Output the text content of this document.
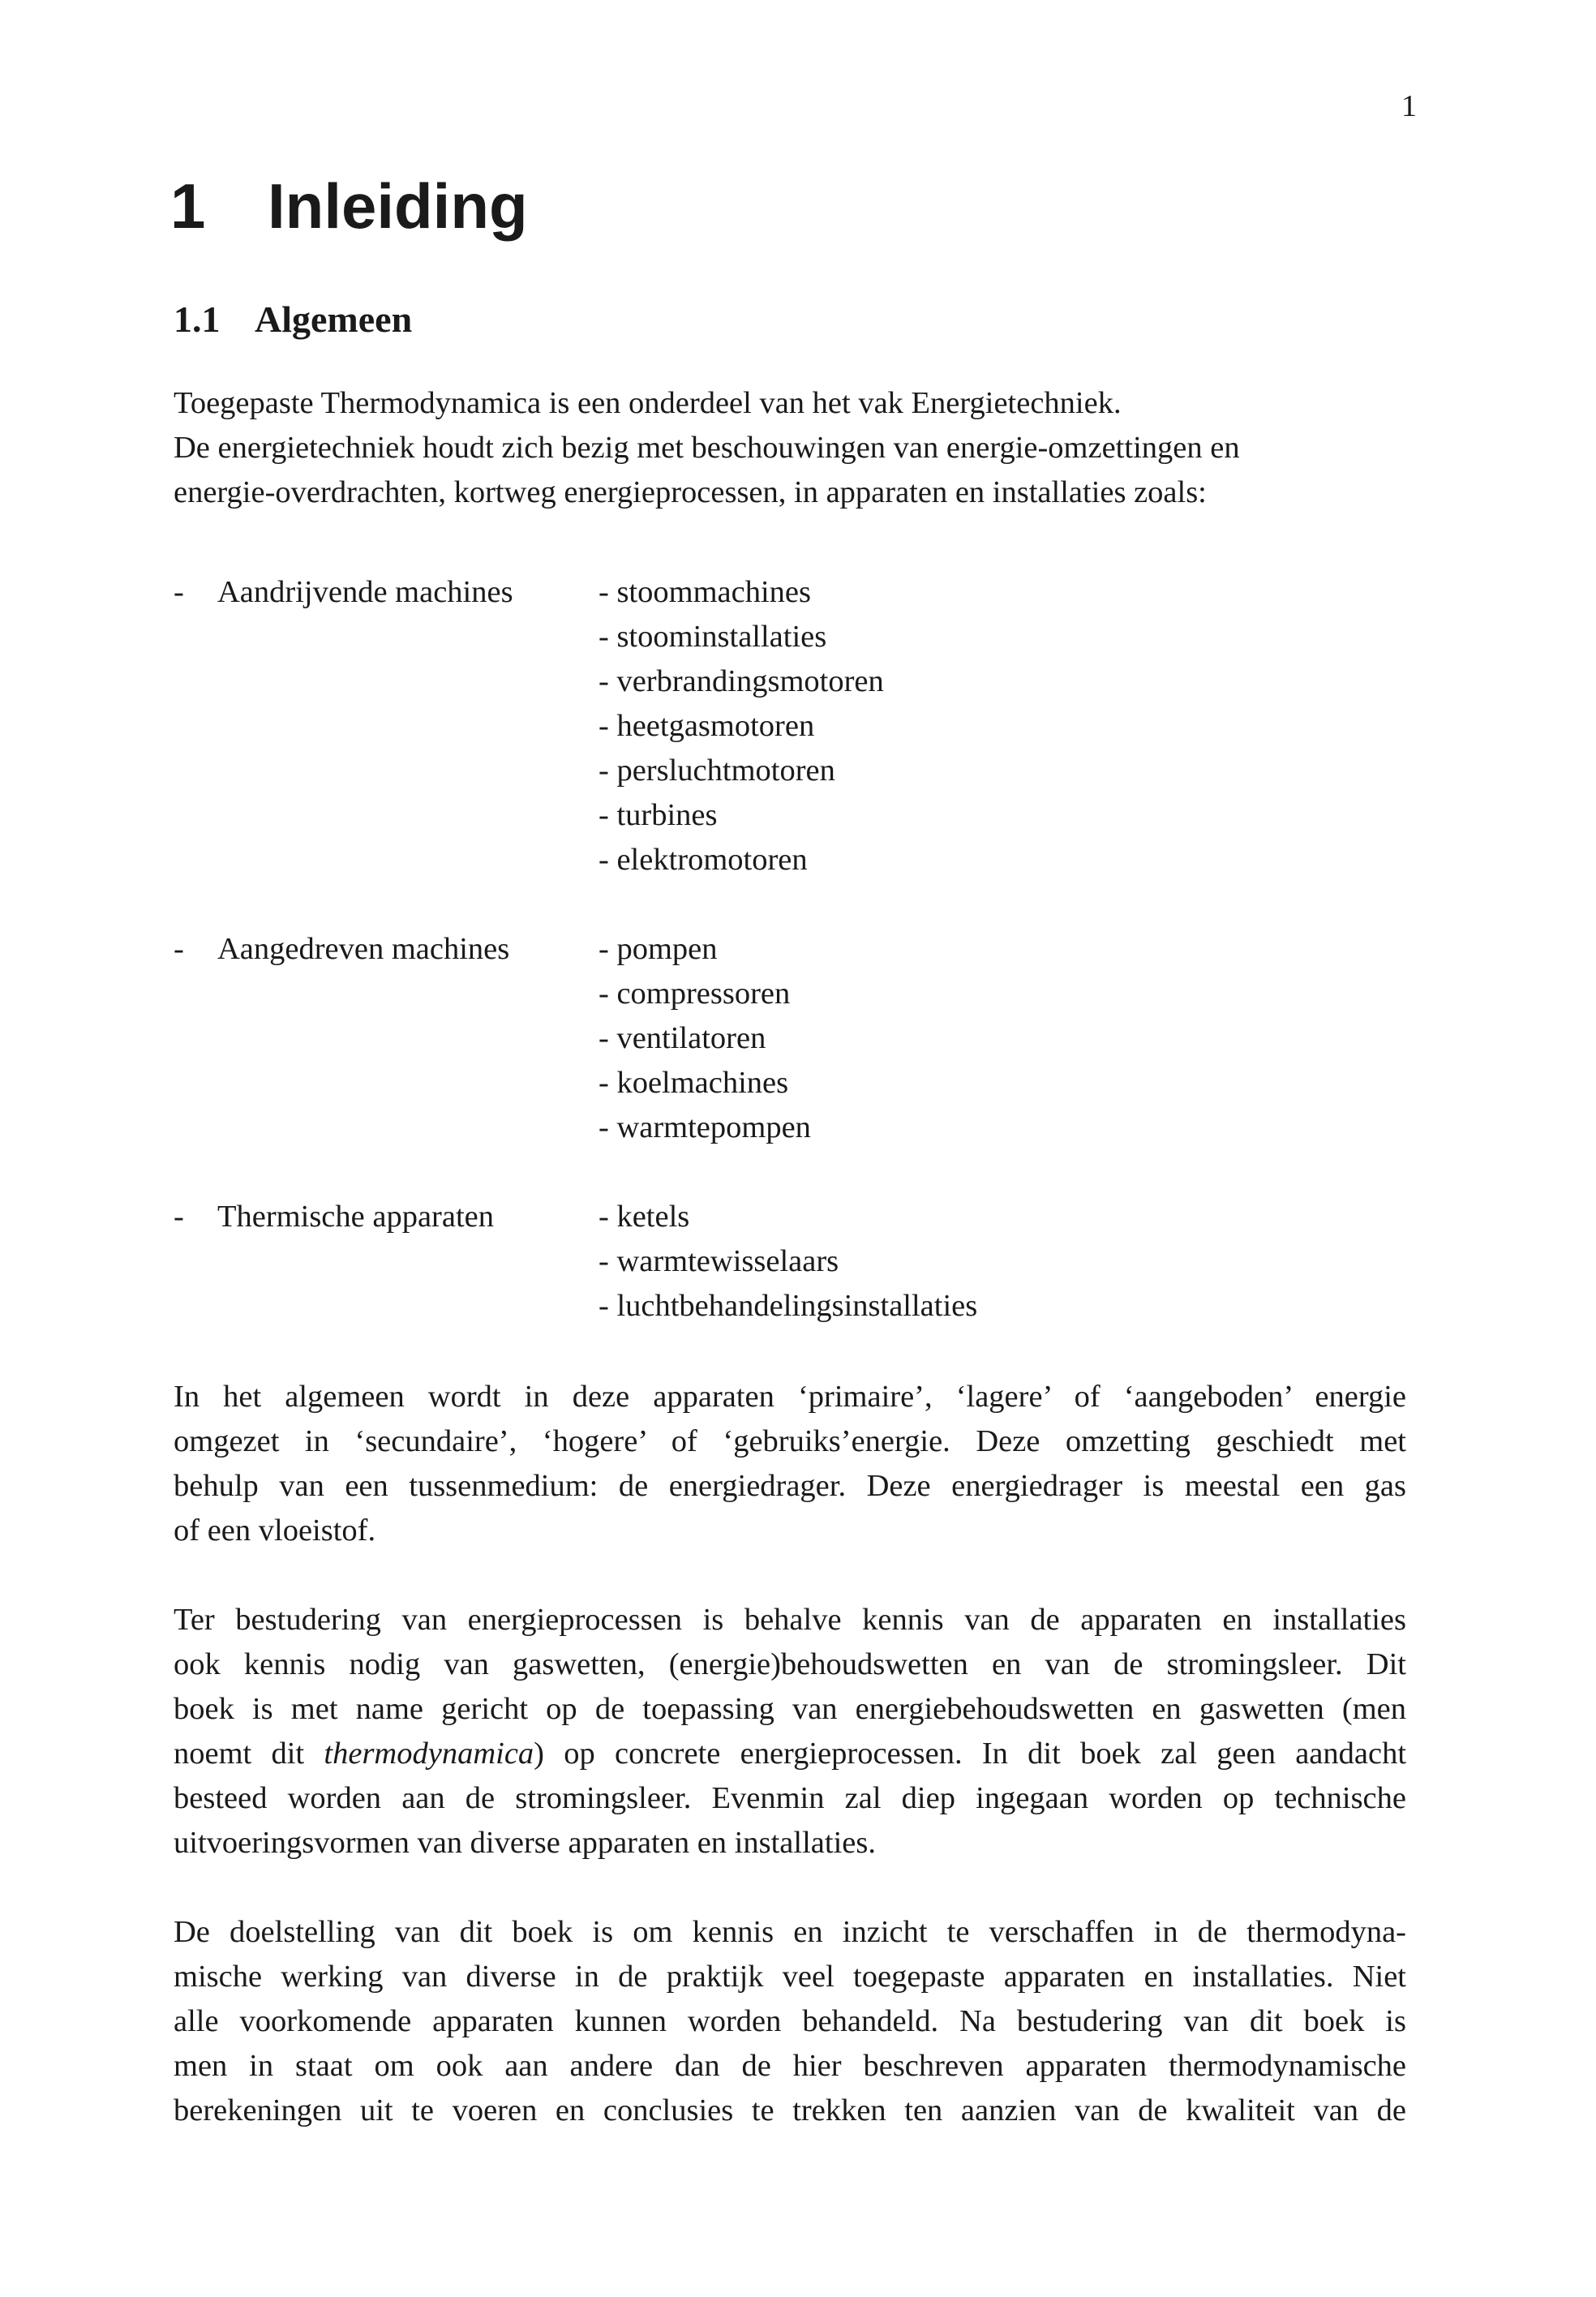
1
1 Inleiding
1.1 Algemeen

Toegepaste Thermodynamica is een onderdeel van het vak Energietechniek.
De energietechniek houdt zich bezig met beschouwingen van energie-omzettingen en
energie-overdrachten, kortweg energieprocessen, in apparaten en installaties zoals:

- Aandrijvende machines	- stoommachines
- stoominstallaties
- verbrandingsmotoren
- heetgasmotoren
- persluchtmotoren
- turbines
- elektromotoren
- Aangedreven machines	- pompen
- compressoren
- ventilatoren
- koelmachines
- warmtepompen
- Thermische apparaten	- ketels
- warmtewisselaars
- luchtbehandelingsinstallaties

In het algemeen wordt in deze apparaten ‘primaire’, ‘lagere’ of ‘aangeboden’ energie
omgezet in ‘secundaire’, ‘hogere’ of ‘gebruiks’energie. Deze omzetting geschiedt met
behulp van een tussenmedium: de energiedrager. Deze energiedrager is meestal een gas
of een vloeistof.

Ter bestudering van energieprocessen is behalve kennis van de apparaten en installaties
ook kennis nodig van gaswetten, (energie)behoudswetten en van de stromingsleer. Dit
boek is met name gericht op de toepassing van energiebehoudswetten en gaswetten (men
noemt dit thermodynamica) op concrete energieprocessen. In dit boek zal geen aandacht
besteed worden aan de stromingsleer. Evenmin zal diep ingegaan worden op technische
uitvoeringsvormen van diverse apparaten en installaties.

De doelstelling van dit boek is om kennis en inzicht te verschaffen in de thermodyna-
mische werking van diverse in de praktijk veel toegepaste apparaten en installaties. Niet
alle voorkomende apparaten kunnen worden behandeld. Na bestudering van dit boek is
men in staat om ook aan andere dan de hier beschreven apparaten thermodynamische
berekeningen uit te voeren en conclusies te trekken ten aanzien van de kwaliteit van de
